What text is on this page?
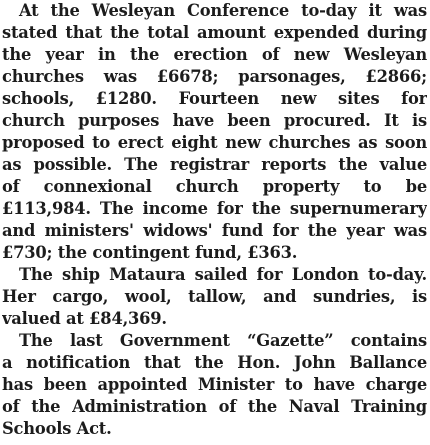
At the Wesleyan Conference to-day it was
stated that the total amount expended during
the year in the erection of new Wesleyan
churches was £6678; parsonages, £2866;
schools, £1280. Fourteen new sites for
church purposes have been procured. It is
proposed to erect eight new churches as soon
as possible. The registrar reports the value
of connexional church property to be
£113,984. The income for the supernumerary
and ministers' widows' fund for the year was
£730; the contingent fund, £363.
The ship Mataura sailed for London to-day.
Her cargo, wool, tallow, and sundries, is
valued at £84,369.
The last Government “Gazette” contains
a notification that the Hon. John Ballance
has been appointed Minister to have charge
of the Administration of the Naval Training
Schools Act.
